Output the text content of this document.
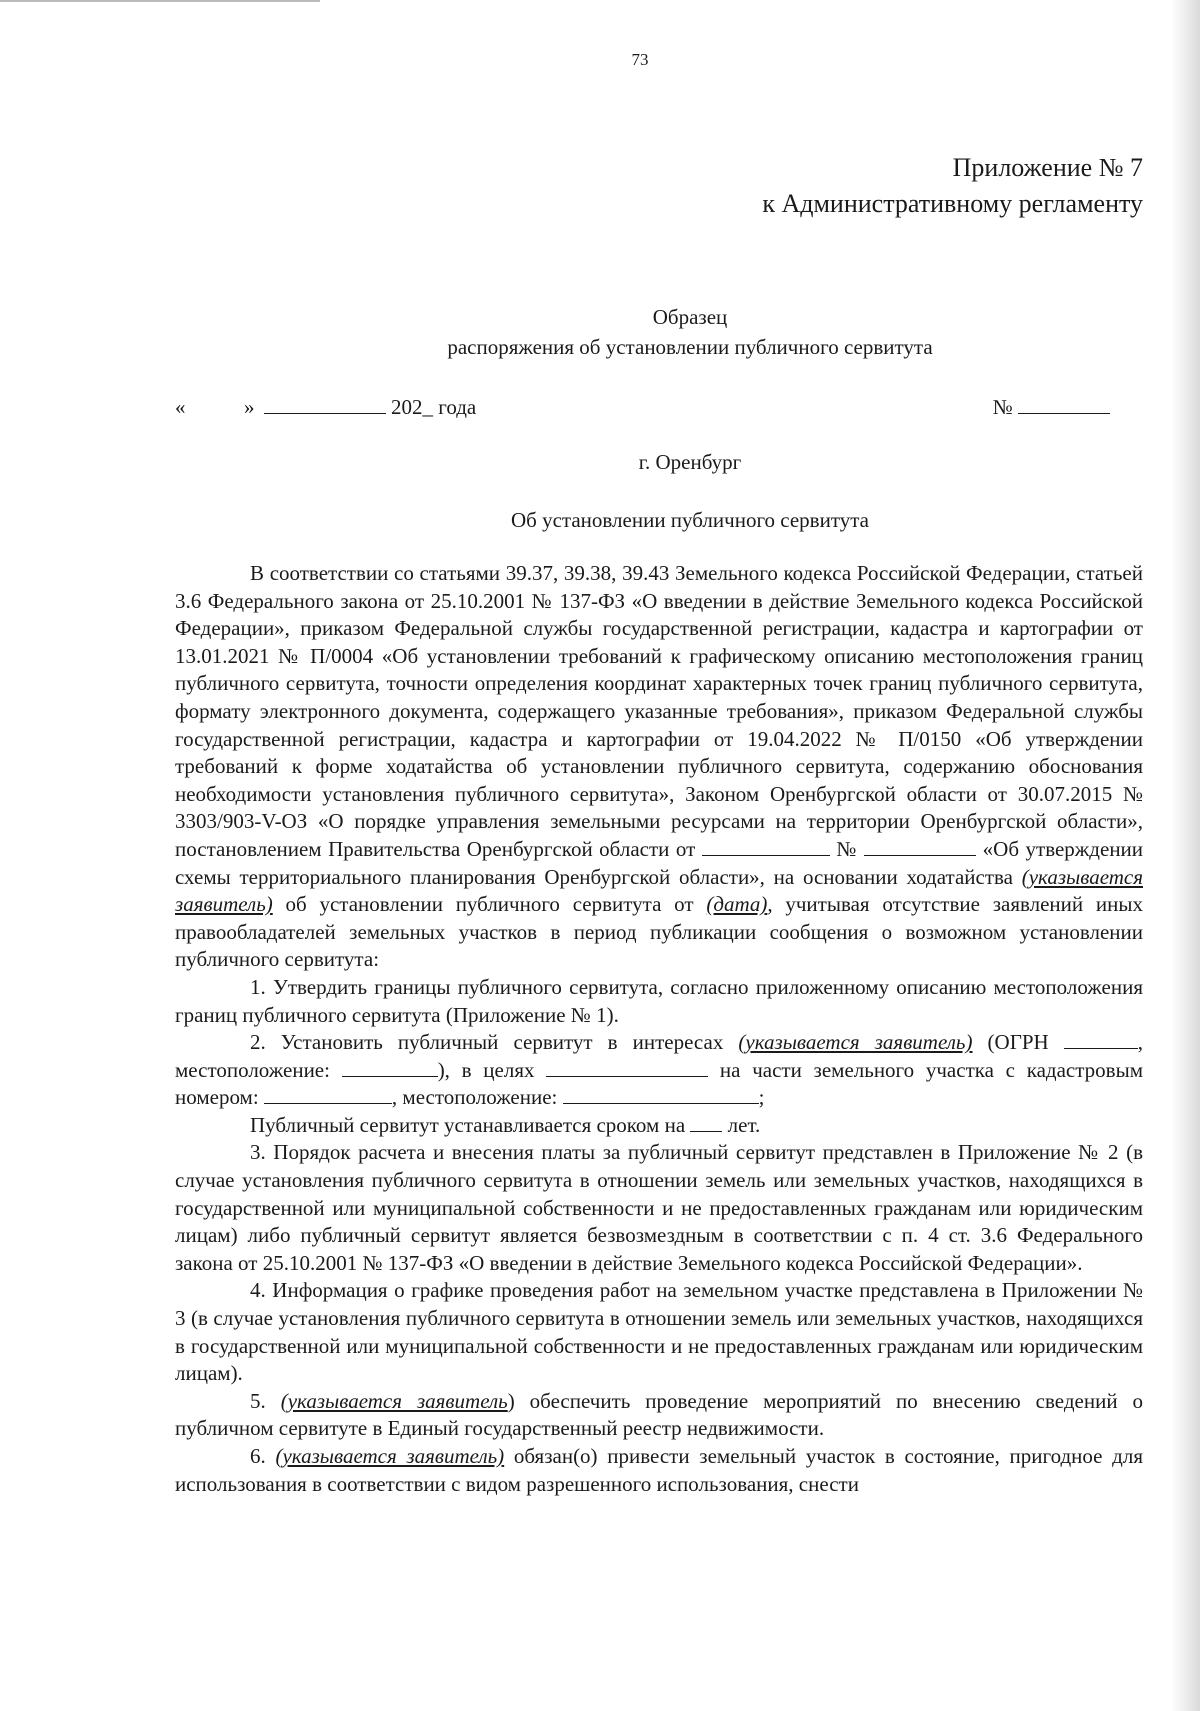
73
Приложение № 7
к Административному регламенту
Образец
распоряжения об установлении публичного сервитута
«	»	202_ года	№
г. Оренбург
Об установлении публичного сервитута

В соответствии со статьями 39.37, 39.38, 39.43 Земельного кодекса Российской Федерации, статьей 3.6 Федерального закона от 25.10.2001 № 137-ФЗ «О введении в действие Земельного кодекса Российской Федерации», приказом Федеральной службы государственной регистрации, кадастра и картографии от 13.01.2021 № П/0004 «Об установлении требований к графическому описанию местоположения границ публичного сервитута, точности определения координат характерных точек границ публичного сервитута, формату электронного документа, содержащего указанные требования», приказом Федеральной службы государственной регистрации, кадастра и картографии от 19.04.2022 № П/0150 «Об утверждении требований к форме ходатайства об установлении публичного сервитута, содержанию обоснования необходимости установления публичного сервитута», Законом Оренбургской области от 30.07.2015 № 3303/903-V-ОЗ «О порядке управления земельными ресурсами на территории Оренбургской области», постановлением Правительства Оренбургской области от	№	«Об утверждении схемы территориального планирования Оренбургской области», на основании ходатайства (указывается заявитель) об установлении публичного сервитута от (дата), учитывая отсутствие заявлений иных правообладателей земельных участков в период публикации сообщения о возможном установлении публичного сервитута:

1. Утвердить границы публичного сервитута, согласно приложенному описанию местоположения границ публичного сервитута (Приложение № 1).

2. Установить публичный сервитут в интересах (указывается заявитель) (ОГРН	, местоположение:	), в целях	на части земельного участка с кадастровым номером:	, местоположение:	;

Публичный сервитут устанавливается сроком на лет.

3. Порядок расчета и внесения платы за публичный сервитут представлен в Приложение № 2 (в случае установления публичного сервитута в отношении земель или земельных участков, находящихся в государственной или муниципальной собственности и не предоставленных гражданам или юридическим лицам) либо публичный сервитут является безвозмездным в соответствии с п. 4 ст. 3.6 Федерального закона от 25.10.2001 № 137-ФЗ «О введении в действие Земельного кодекса Российской Федерации».

4. Информация о графике проведения работ на земельном участке представлена в Приложении № 3 (в случае установления публичного сервитута в отношении земель или земельных участков, находящихся в государственной или муниципальной собственности и не предоставленных гражданам или юридическим лицам).

5. (указывается заявитель) обеспечить проведение мероприятий по внесению сведений о публичном сервитуте в Единый государственный реестр недвижимости.

6. (указывается заявитель) обязан(о) привести земельный участок в состояние, пригодное для использования в соответствии с видом разрешенного использования, снести
